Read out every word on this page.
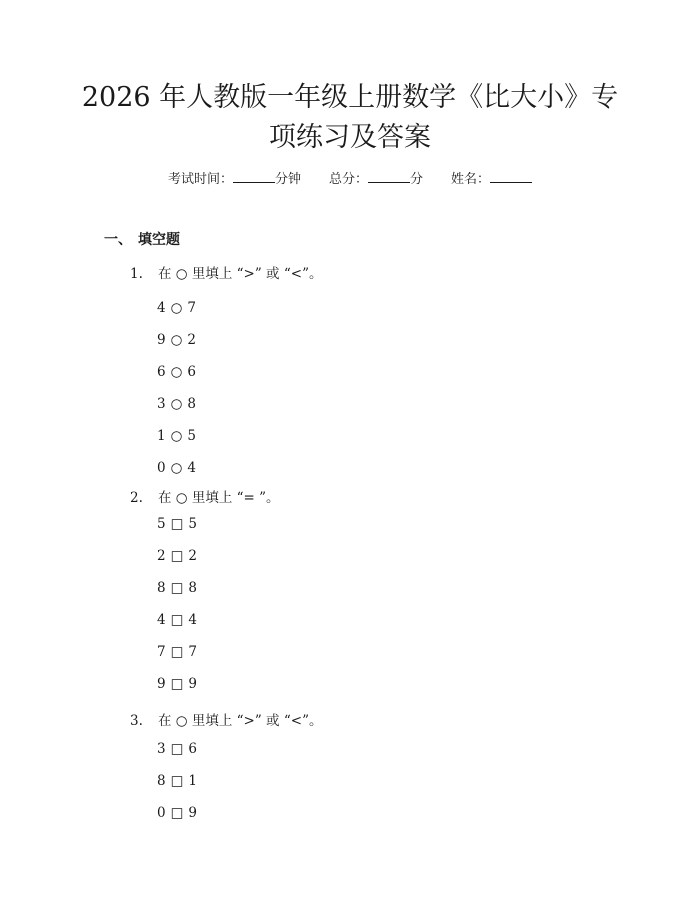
2026 年人教版一年级上册数学《比大小》专
项练习及答案
考试时间：	分钟 总分：	分 姓名：
一、 填空题
1. 在 ○ 里填上 “>” 或 “<”。
4 ○ 7
9 ○ 2
6 ○ 6
3 ○ 8
1 ○ 5
0 ○ 4
2. 在 ○ 里填上 “= ”。
5 □ 5
2 □ 2
8 □ 8
4 □ 4
7 □ 7
9 □ 9
3. 在 ○ 里填上 “>” 或 “<”。
3 □ 6
8 □ 1
0 □ 9
